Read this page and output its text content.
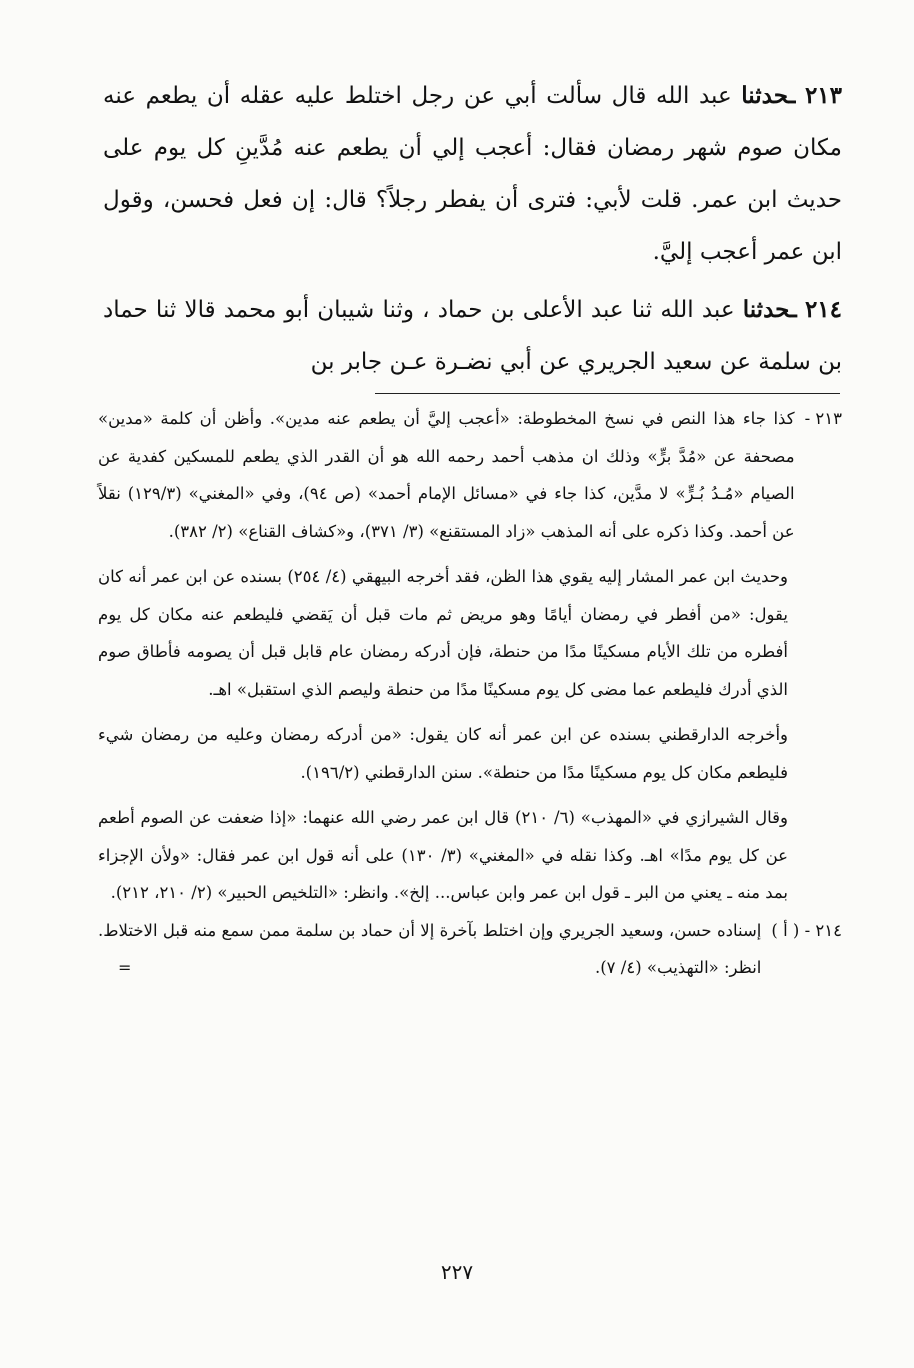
٢١٣ ـحدثنا عبد الله قال سألت أبي عن رجل اختلط عليه عقله أن يطعم عنه مكان صوم شهر رمضان فقال: أعجب إلي أن يطعم عنه مُدَّينِ كل يوم على حديث ابن عمر. قلت لأبي: فترى أن يفطر رجلاً؟ قال: إن فعل فحسن، وقول ابن عمر أعجب إليَّ.

٢١٤ ـحدثنا عبد الله ثنا عبد الأعلى بن حماد ، وثنا شيبان أبو محمد قالا ثنا حماد بن سلمة عن سعيد الجريري عن أبي نضـرة عـن جابر بن

٢١٣ -

كذا جاء هذا النص في نسخ المخطوطة: «أعجب إليَّ أن يطعم عنه مدين». وأظن أن كلمة «مدين» مصحفة عن «مُدَّ برٍّ» وذلك ان مذهب أحمد رحمه الله هو أن القدر الذي يطعم للمسكين كفدية عن الصيام «مُـدُ بُـرٍّ» لا مدَّين، كذا جاء في «مسائل الإمام أحمد» (ص ٩٤)، وفي «المغني» (١٢٩/٣) نقلاً عن أحمد. وكذا ذكره على أنه المذهب «زاد المستقنع» (٣/ ٣٧١)، و«كشاف القناع» (٢/ ٣٨٢).

وحديث ابن عمر المشار إليه يقوي هذا الظن، فقد أخرجه البيهقي (٤/ ٢٥٤) بسنده عن ابن عمر أنه كان يقول: «من أفطر في رمضان أيامًا وهو مريض ثم مات قبل أن يَقضي فليطعم عنه مكان كل يوم أفطره من تلك الأيام مسكينًا مدًا من حنطة، فإن أدركه رمضان عام قابل قبل أن يصومه فأطاق صوم الذي أدرك فليطعم عما مضى كل يوم مسكينًا مدًا من حنطة وليصم الذي استقبل» اهـ.

وأخرجه الدارقطني بسنده عن ابن عمر أنه كان يقول: «من أدركه رمضان وعليه من رمضان شيء فليطعم مكان كل يوم مسكينًا مدًا من حنطة». سنن الدارقطني (١٩٦/٢).

وقال الشيرازي في «المهذب» (٦/ ٢١٠) قال ابن عمر رضي الله عنهما: «إذا ضعفت عن الصوم أطعم عن كل يوم مدًا» اهـ. وكذا نقله في «المغني» (٣/ ١٣٠) على أنه قول ابن عمر فقال: «ولأن الإجزاء بمد منه ـ يعني من البر ـ قول ابن عمر وابن عباس... إلخ». وانظر: «التلخيص الحبير» (٢/ ٢١٠، ٢١٢).

٢١٤ - ( أ )

إسناده حسن، وسعيد الجريري وإن اختلط بآخرة إلا أن حماد بن سلمة ممن سمع منه قبل الاختلاط. انظر: «التهذيب» (٤/ ٧).

=
٢٢٧
